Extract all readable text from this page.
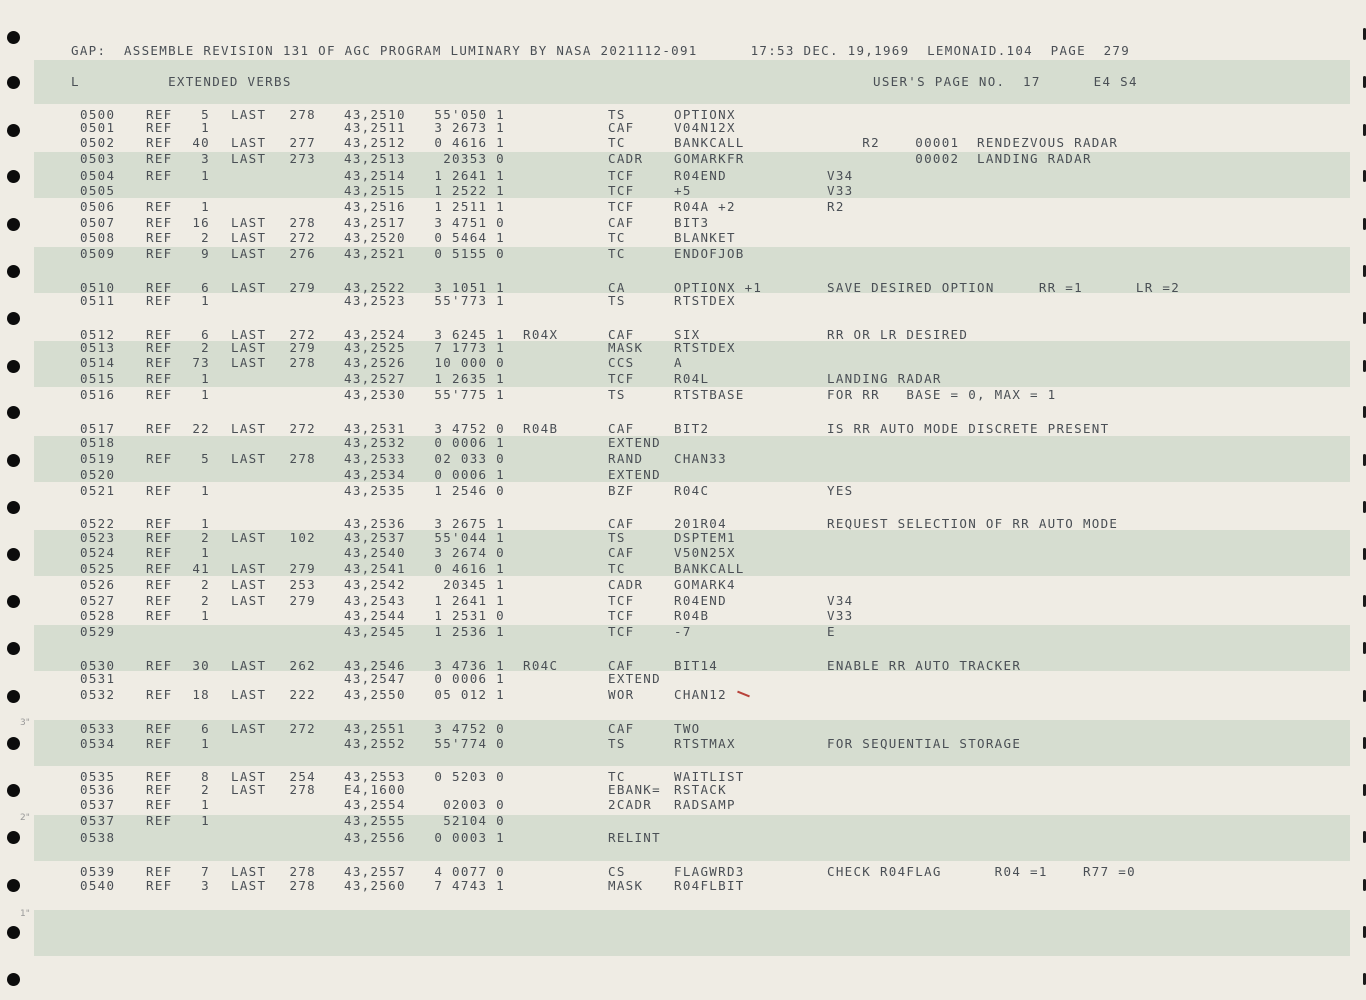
3"
2"
1"
GAP:  ASSEMBLE REVISION 131 OF AGC PROGRAM LUMINARY BY NASA 2021112-091      17:53 DEC. 19,1969  LEMONAID.104  PAGE  279
L          EXTENDED VERBS	USER'S PAGE NO.  17      E4 S4
0500 REF 5 LAST 278 43,2510 55'050 1	TS	OPTIONX
0501 REF 1	43,2511 3 2673 1	CAF	V04N12X
0502 REF 40 LAST 277 43,2512 0 4616 1	TC	BANKCALL	R2    00001  RENDEZVOUS RADAR
0503 REF 3 LAST 273 43,2513	20353 0	CADR GOMARKFR	00002  LANDING RADAR
0504 REF 1	43,2514 1 2641 1	TCF	R04END	V34
0505	43,2515 1 2522 1	TCF	+5	V33
0506 REF 1	43,2516 1 2511 1	TCF	R04A +2	R2
0507 REF 16 LAST 278 43,2517 3 4751 0	CAF	BIT3
0508 REF 2 LAST 272 43,2520 0 5464 1	TC	BLANKET
0509 REF 9 LAST 276 43,2521 0 5155 0	TC	ENDOFJOB
0510 REF 6 LAST 279 43,2522 3 1051 1	CA	OPTIONX +1	SAVE DESIRED OPTION     RR =1      LR =2
0511 REF 1	43,2523 55'773 1	TS	RTSTDEX
0512 REF 6 LAST 272 43,2524 3 6245 1 R04X	CAF	SIX	RR OR LR DESIRED
0513 REF 2 LAST 279 43,2525 7 1773 1	MASK RTSTDEX
0514 REF 73 LAST 278 43,2526 10 000 0	CCS	A
0515 REF 1	43,2527 1 2635 1	TCF	R04L	LANDING RADAR
0516 REF 1	43,2530 55'775 1	TS	RTSTBASE	FOR RR   BASE = 0, MAX = 1
0517 REF 22 LAST 272 43,2531 3 4752 0 R04B	CAF	BIT2	IS RR AUTO MODE DISCRETE PRESENT
0518	43,2532 0 0006 1	EXTEND
0519 REF 5 LAST 278 43,2533 02 033 0	RAND CHAN33
0520	43,2534 0 0006 1	EXTEND
0521 REF 1	43,2535 1 2546 0	BZF	R04C	YES
0522 REF 1	43,2536 3 2675 1	CAF	201R04	REQUEST SELECTION OF RR AUTO MODE
0523 REF 2 LAST 102 43,2537 55'044 1	TS	DSPTEM1
0524 REF 1	43,2540 3 2674 0	CAF	V50N25X
0525 REF 41 LAST 279 43,2541 0 4616 1	TC	BANKCALL
0526 REF 2 LAST 253 43,2542	20345 1	CADR GOMARK4
0527 REF 2 LAST 279 43,2543 1 2641 1	TCF	R04END	V34
0528 REF 1	43,2544 1 2531 0	TCF	R04B	V33
0529	43,2545 1 2536 1	TCF	-7	E
0530 REF 30 LAST 262 43,2546 3 4736 1 R04C	CAF	BIT14	ENABLE RR AUTO TRACKER
0531	43,2547 0 0006 1	EXTEND
0532 REF 18 LAST 222 43,2550 05 012 1	WOR	CHAN12
0533 REF 6 LAST 272 43,2551 3 4752 0	CAF	TWO
0534 REF 1	43,2552 55'774 0	TS	RTSTMAX	FOR SEQUENTIAL STORAGE
0535 REF 8 LAST 254 43,2553 0 5203 0	TC	WAITLIST
0536 REF 2 LAST 278 E4,1600	EBANK= RSTACK
0537 REF 1	43,2554	02003 0	2CADR RADSAMP
0537 REF 1	43,2555	52104 0
0538	43,2556 0 0003 1	RELINT
0539 REF 7 LAST 278 43,2557 4 0077 0	CS	FLAGWRD3	CHECK R04FLAG      R04 =1    R77 =0
0540 REF 3 LAST 278 43,2560 7 4743 1	MASK R04FLBIT
